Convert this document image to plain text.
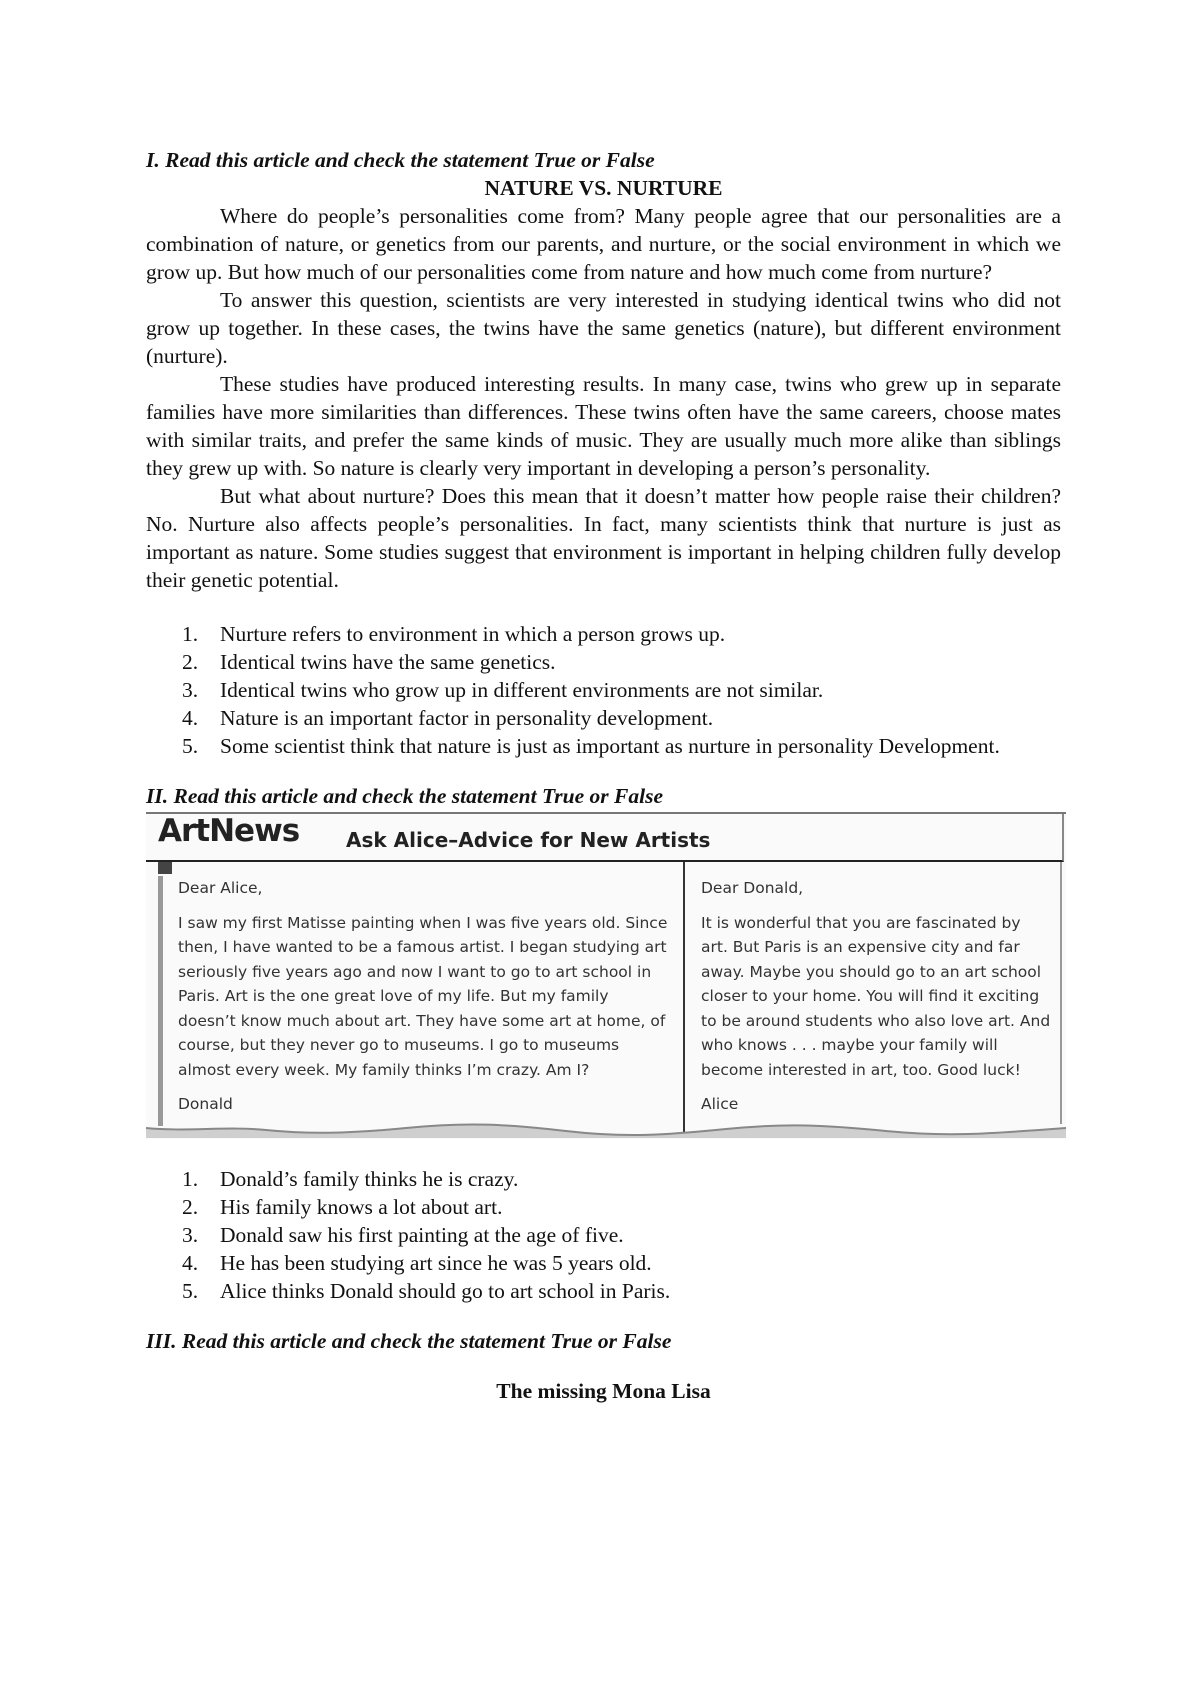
I. Read this article and check the statement True or False

NATURE VS. NURTURE

Where do people’s personalities come from? Many people agree that our personalities are a combination of nature, or genetics from our parents, and nurture, or the social environment in which we grow up. But how much of our personalities come from nature and how much come from nurture?

To answer this question, scientists are very interested in studying identical twins who did not grow up together. In these cases, the twins have the same genetics (nature), but different environment (nurture).

These studies have produced interesting results. In many case, twins who grew up in separate families have more similarities than differences. These twins often have the same careers, choose mates with similar traits, and prefer the same kinds of music. They are usually much more alike than siblings they grew up with. So nature is clearly very important in developing a person’s personality.

But what about nurture? Does this mean that it doesn’t matter how people raise their children? No. Nurture also affects people’s personalities. In fact, many scientists think that nurture is just as important as nature. Some studies suggest that environment is important in helping children fully develop their genetic potential.

1. Nurture refers to environment in which a person grows up.
2. Identical twins have the same genetics.
3. Identical twins who grow up in different environments are not similar.
4. Nature is an important factor in personality development.
5. Some scientist think that nature is just as important as nurture in personality Development.

II. Read this article and check the statement True or False

ArtNews Ask Alice–Advice for New Artists

Dear Alice,

I saw my first Matisse painting when I was five years old. Since then, I have wanted to be a famous artist. I began studying art seriously five years ago and now I want to go to art school in Paris. Art is the one great love of my life. But my family doesn’t know much about art. They have some art at home, of course, but they never go to museums. I go to museums almost every week. My family thinks I’m crazy. Am I?

Donald

Dear Donald,

It is wonderful that you are fascinated by art. But Paris is an expensive city and far away. Maybe you should go to an art school closer to your home. You will find it exciting to be around students who also love art. And who knows . . . maybe your family will become interested in art, too. Good luck!

Alice

1. Donald’s family thinks he is crazy.
2. His family knows a lot about art.
3. Donald saw his first painting at the age of five.
4. He has been studying art since he was 5 years old.
5. Alice thinks Donald should go to art school in Paris.

III. Read this article and check the statement True or False

The missing Mona Lisa
